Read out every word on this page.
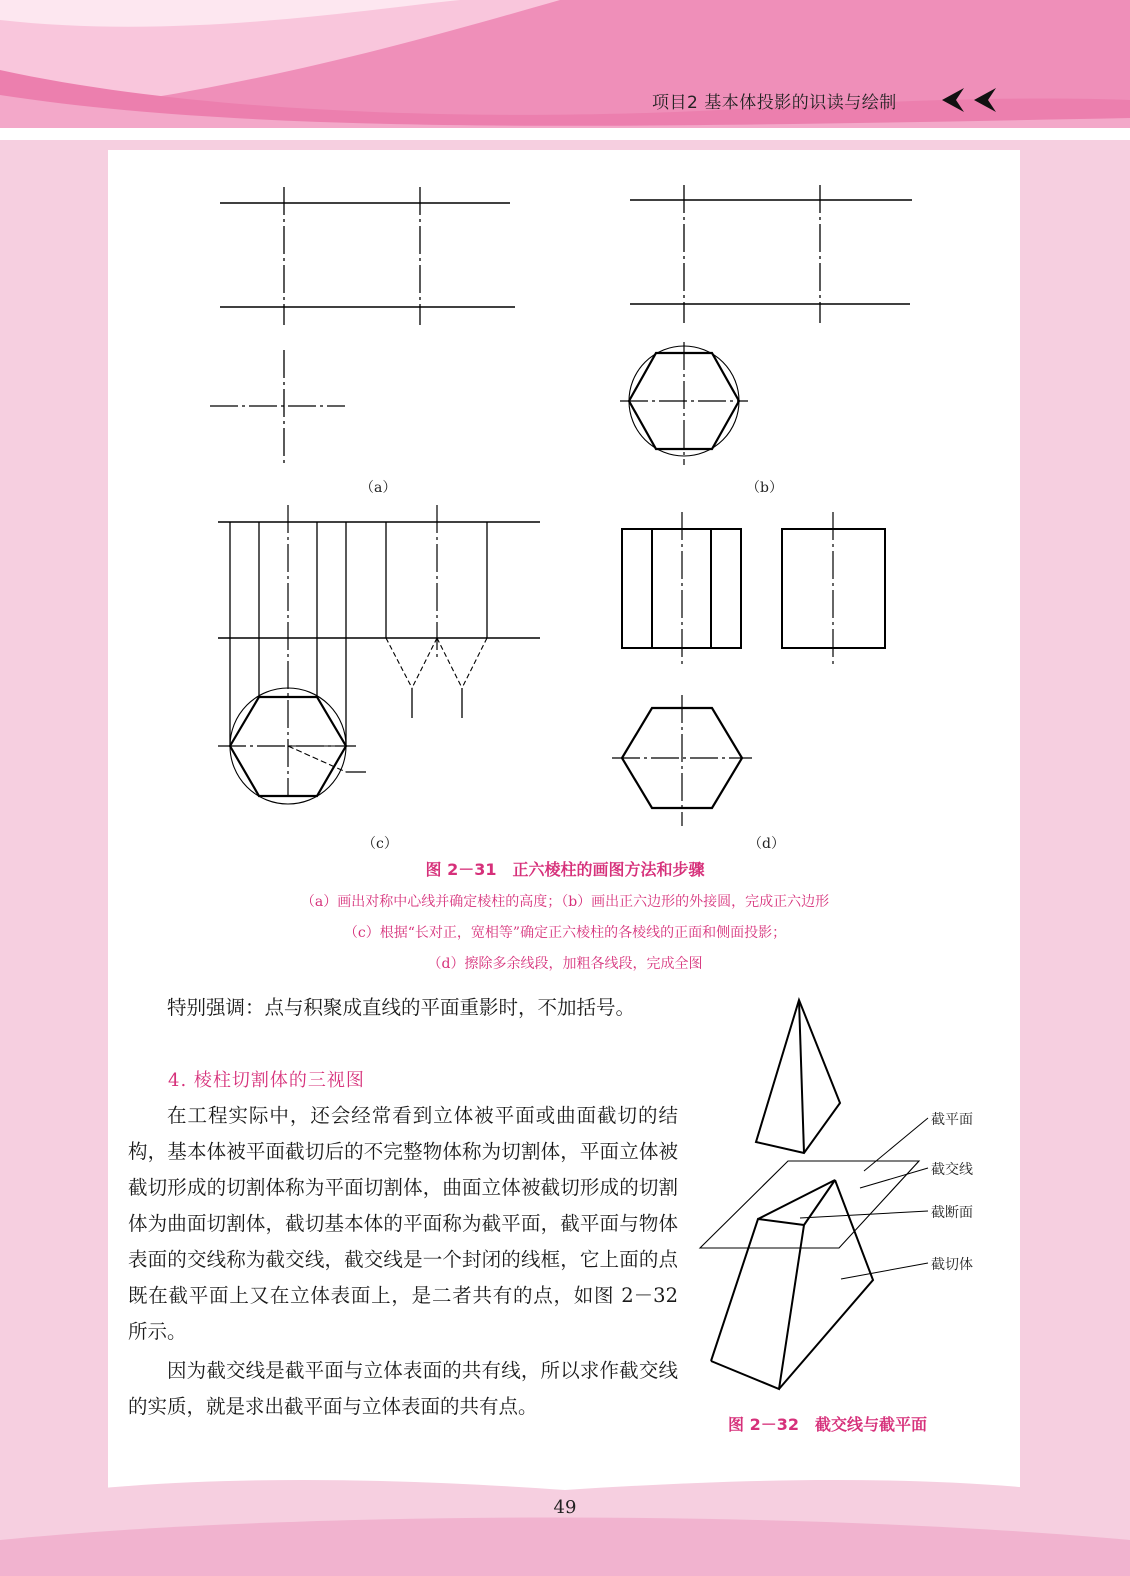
项目2 基本体投影的识读与绘制
（a）	（b）
（c）	（d）
图 2－31　正六棱柱的画图方法和步骤
（a）画出对称中心线并确定棱柱的高度；（b）画出正六边形的外接圆，完成正六边形
（c）根据“长对正，宽相等”确定正六棱柱的各棱线的正面和侧面投影；
（d）擦除多余线段，加粗各线段，完成全图
特别强调：点与积聚成直线的平面重影时，不加括号。
4. 棱柱切割体的三视图
在工程实际中，还会经常看到立体被平面或曲面截切的结构，基本体被平面截切后的不完整物体称为切割体，平面立体被截切形成的切割体称为平面切割体，曲面立体被截切形成的切割体为曲面切割体，截切基本体的平面称为截平面，截平面与物体表面的交线称为截交线，截交线是一个封闭的线框，它上面的点既在截平面上又在立体表面上，是二者共有的点，如图 2－32 所示。
因为截交线是截平面与立体表面的共有线，所以求作截交线的实质，就是求出截平面与立体表面的共有点。
截平面
截交线
截断面
截切体
图 2－32　截交线与截平面
49
